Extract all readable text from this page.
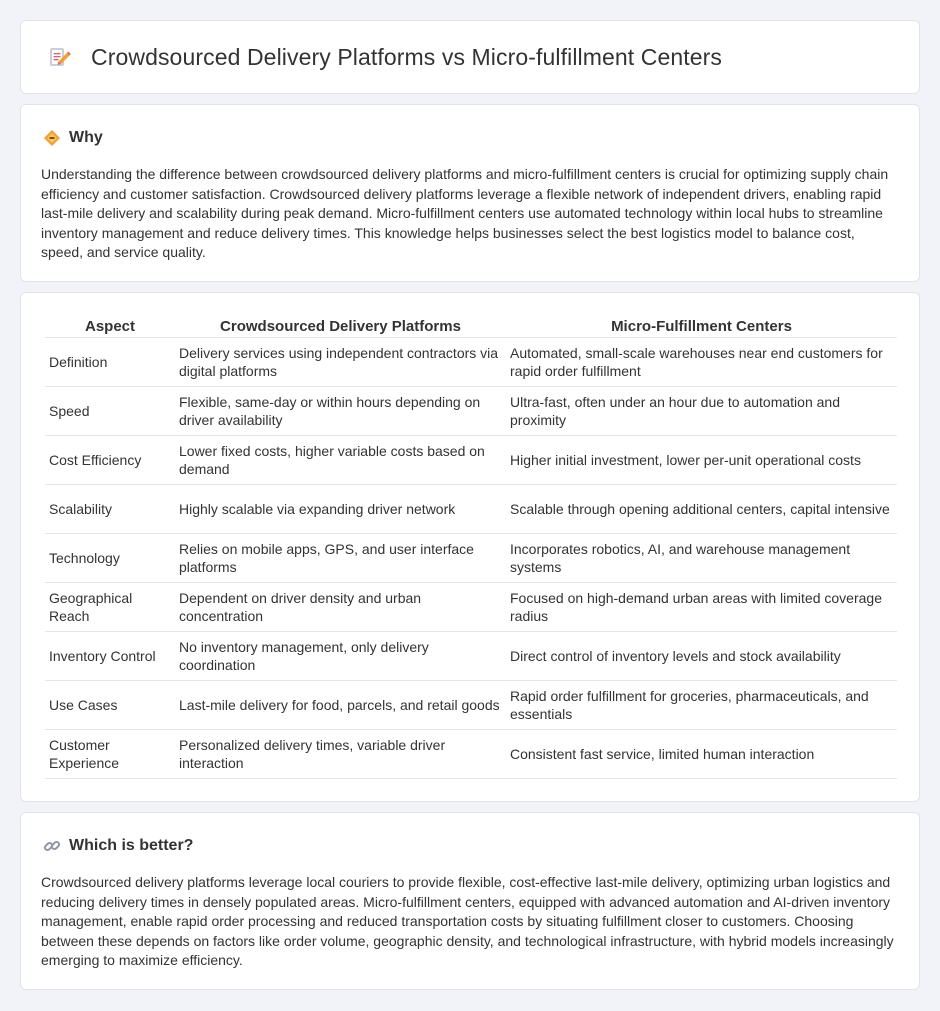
Crowdsourced Delivery Platforms vs Micro-fulfillment Centers
Why

Understanding the difference between crowdsourced delivery platforms and micro-fulfillment centers is crucial for optimizing supply chain efficiency and customer satisfaction. Crowdsourced delivery platforms leverage a flexible network of independent drivers, enabling rapid last-mile delivery and scalability during peak demand. Micro-fulfillment centers use automated technology within local hubs to streamline inventory management and reduce delivery times. This knowledge helps businesses select the best logistics model to balance cost, speed, and service quality.

Aspect	Crowdsourced Delivery Platforms	Micro-Fulfillment Centers
Definition	Delivery services using independent contractors via digital platforms	Automated, small-scale warehouses near end customers for rapid order fulfillment
Speed	Flexible, same-day or within hours depending on driver availability	Ultra-fast, often under an hour due to automation and proximity
Cost Efficiency	Lower fixed costs, higher variable costs based on demand	Higher initial investment, lower per-unit operational costs
Scalability	Highly scalable via expanding driver network	Scalable through opening additional centers, capital intensive
Technology	Relies on mobile apps, GPS, and user interface platforms	Incorporates robotics, AI, and warehouse management systems
Geographical Reach	Dependent on driver density and urban concentration	Focused on high-demand urban areas with limited coverage radius
Inventory Control	No inventory management, only delivery coordination	Direct control of inventory levels and stock availability
Use Cases	Last-mile delivery for food, parcels, and retail goods	Rapid order fulfillment for groceries, pharmaceuticals, and essentials
Customer Experience	Personalized delivery times, variable driver interaction	Consistent fast service, limited human interaction
Which is better?

Crowdsourced delivery platforms leverage local couriers to provide flexible, cost-effective last-mile delivery, optimizing urban logistics and reducing delivery times in densely populated areas. Micro-fulfillment centers, equipped with advanced automation and AI-driven inventory management, enable rapid order processing and reduced transportation costs by situating fulfillment closer to customers. Choosing between these depends on factors like order volume, geographic density, and technological infrastructure, with hybrid models increasingly emerging to maximize efficiency.
